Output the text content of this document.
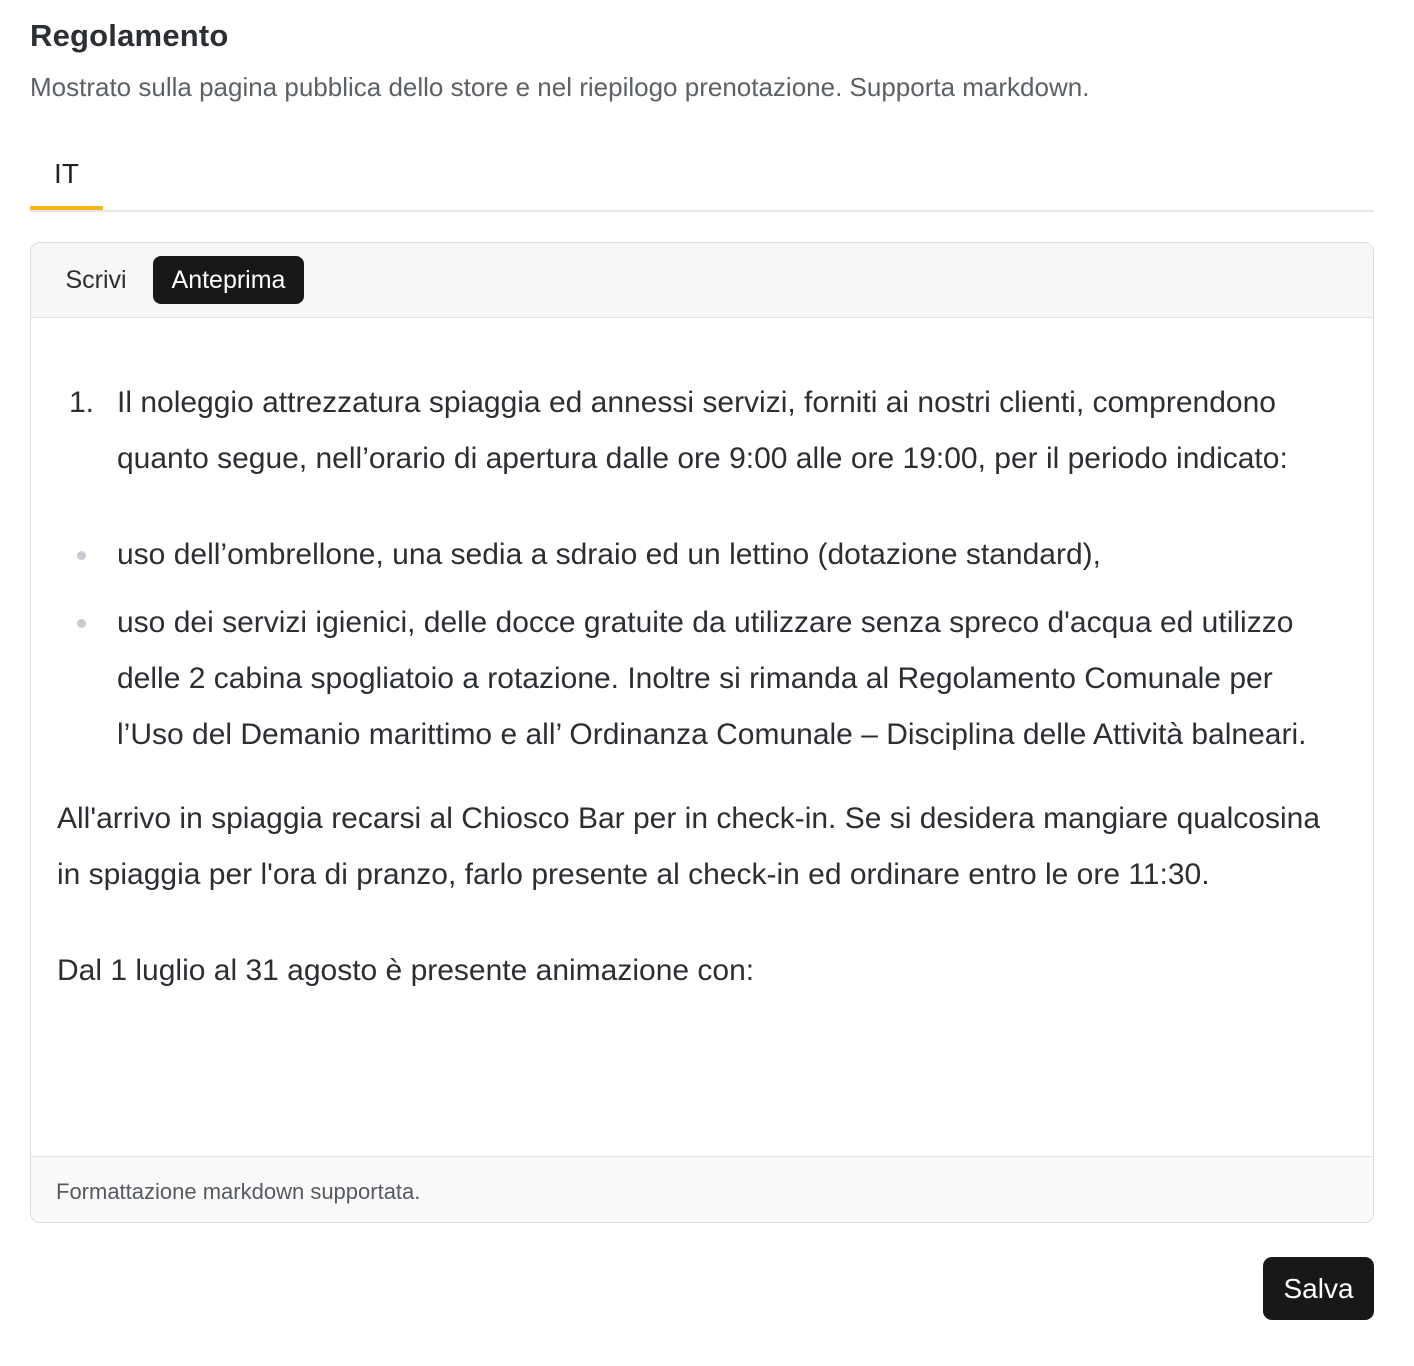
Regolamento
Mostrato sulla pagina pubblica dello store e nel riepilogo prenotazione. Supporta markdown.
IT
Scrivi	Anteprima
1. Il noleggio attrezzatura spiaggia ed annessi servizi, forniti ai nostri clienti, comprendono quanto segue, nell’orario di apertura dalle ore 9:00 alle ore 19:00, per il periodo indicato:
uso dell’ombrellone, una sedia a sdraio ed un lettino (dotazione standard),
uso dei servizi igienici, delle docce gratuite da utilizzare senza spreco d'acqua ed utilizzo delle 2 cabina spogliatoio a rotazione. Inoltre si rimanda al Regolamento Comunale per l’Uso del Demanio marittimo e all’ Ordinanza Comunale – Disciplina delle Attività balneari.
All'arrivo in spiaggia recarsi al Chiosco Bar per in check-in. Se si desidera mangiare qualcosina in spiaggia per l'ora di pranzo, farlo presente al check-in ed ordinare entro le ore 11:30.
Dal 1 luglio al 31 agosto è presente animazione con:
Formattazione markdown supportata.
Salva
